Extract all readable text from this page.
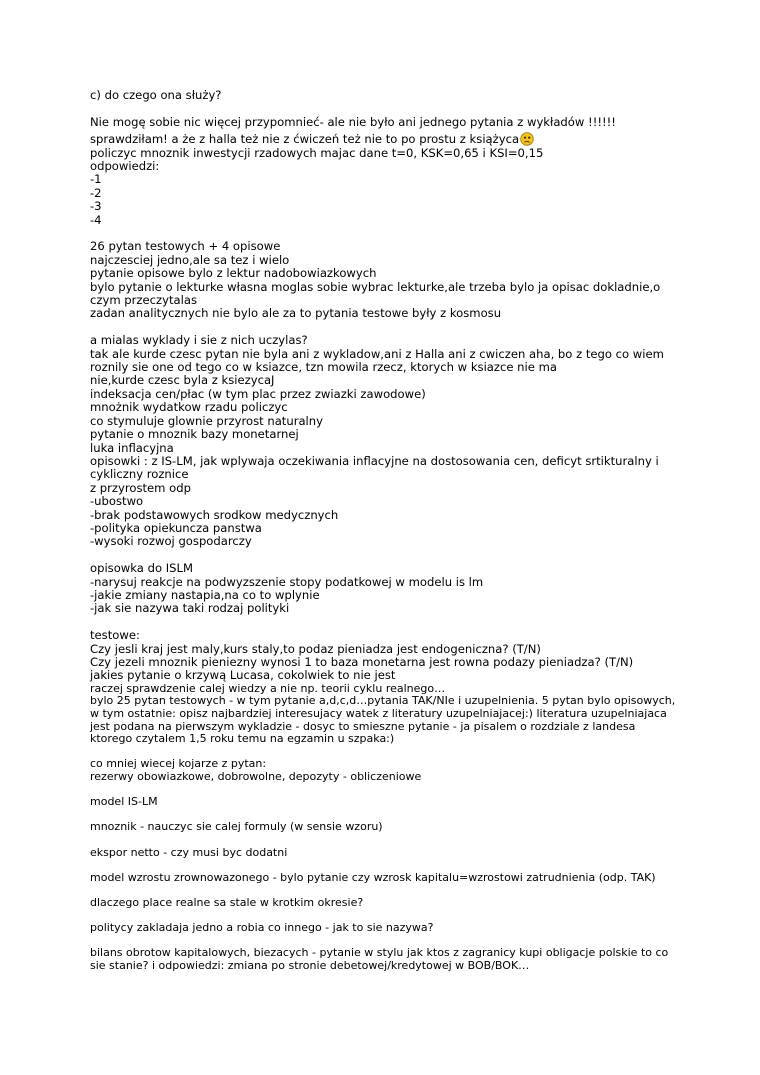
c) do czego ona służy?

Nie mogę sobie nic więcej przypomnieć- ale nie było ani jednego pytania z wykładów !!!!!!

sprawdziłam! a że z halla też nie z ćwiczeń też nie to po prostu z książyca

policzyc mnoznik inwestycji rzadowych majac dane t=0, KSK=0,65 i KSI=0,15

odpowiedzi:

-1

-2

-3

-4

26 pytan testowych + 4 opisowe

najczesciej jedno,ale sa tez i wielo

pytanie opisowe bylo z lektur nadobowiazkowych

bylo pytanie o lekturke własna moglas sobie wybrac lekturke,ale trzeba bylo ja opisac dokladnie,o

czym przeczytalas

zadan analitycznych nie bylo ale za to pytania testowe były z kosmosu

a mialas wyklady i sie z nich uczylas?

tak ale kurde czesc pytan nie byla ani z wykladow,ani z Halla ani z cwiczen aha, bo z tego co wiem

roznily sie one od tego co w ksiazce, tzn mowila rzecz, ktorych w ksiazce nie ma

nie,kurde czesc byla z ksiezycaJ

indeksacja cen/płac (w tym plac przez zwiazki zawodowe)

mnożnik wydatkow rzadu policzyc

co stymuluje glownie przyrost naturalny

pytanie o mnoznik bazy monetarnej

luka inflacyjna

opisowki : z IS-LM, jak wplywaja oczekiwania inflacyjne na dostosowania cen, deficyt srtikturalny i

cykliczny roznice

z przyrostem odp

-ubostwo

-brak podstawowych srodkow medycznych

-polityka opiekuncza panstwa

-wysoki rozwoj gospodarczy

opisowka do ISLM

-narysuj reakcje na podwyzszenie stopy podatkowej w modelu is lm

-jakie zmiany nastapia,na co to wplynie

-jak sie nazywa taki rodzaj polityki

testowe:

Czy jesli kraj jest maly,kurs staly,to podaz pieniadza jest endogeniczna? (T/N)

Czy jezeli mnoznik pieniezny wynosi 1 to baza monetarna jest rowna podazy pieniadza? (T/N)

jakies pytanie o krzywą Lucasa, cokolwiek to nie jest

raczej sprawdzenie calej wiedzy a nie np. teorii cyklu realnego…

bylo 25 pytan testowych - w tym pytanie a,d,c,d…pytania TAK/NIe i uzupelnienia. 5 pytan bylo opisowych,

w tym ostatnie: opisz najbardziej interesujacy watek z literatury uzupelniajacej:) literatura uzupelniajaca

jest podana na pierwszym wykladzie - dosyc to smieszne pytanie - ja pisalem o rozdziale z landesa

ktorego czytalem 1,5 roku temu na egzamin u szpaka:)

co mniej wiecej kojarze z pytan:

rezerwy obowiazkowe, dobrowolne, depozyty - obliczeniowe

model IS-LM

mnoznik - nauczyc sie calej formuly (w sensie wzoru)

ekspor netto - czy musi byc dodatni

model wzrostu zrownowazonego - bylo pytanie czy wzrosk kapitalu=wzrostowi zatrudnienia (odp. TAK)

dlaczego place realne sa stale w krotkim okresie?

politycy zakladaja jedno a robia co innego - jak to sie nazywa?

bilans obrotow kapitalowych, biezacych - pytanie w stylu jak ktos z zagranicy kupi obligacje polskie to co

sie stanie? i odpowiedzi: zmiana po stronie debetowej/kredytowej w BOB/BOK…
